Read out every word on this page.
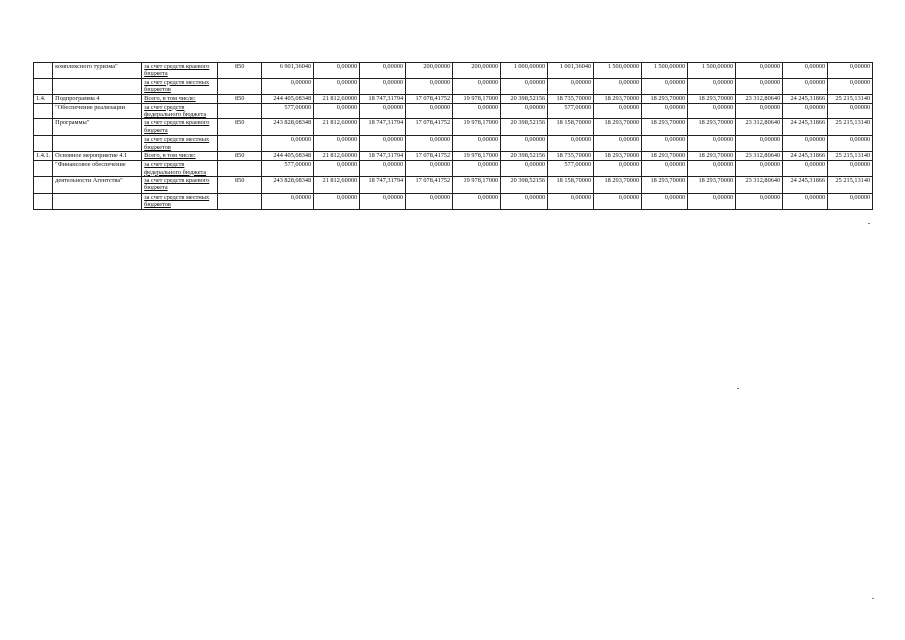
	комплексного туризма"	за счет средств краевого бюджета	850	6 901,36040	0,00000	0,00000	200,00000	200,00000	1 000,00000	1 001,36040	1 500,00000	1 500,00000	1 500,00000	0,00000	0,00000	0,00000
		за счет средств местных бюджетов		0,00000	0,00000	0,00000	0,00000	0,00000	0,00000	0,00000	0,00000	0,00000	0,00000	0,00000	0,00000	0,00000
1.4.	Подпрограмма 4	Всего, в том числе:	850	244 405,08348	21 812,60000	18 747,31794	17 078,41752	19 978,17000	20 398,52156	18 735,70000	18 293,70000	18 293,70000	18 293,70000	23 312,80640	24 245,31866	25 215,13140
	"Обеспечение реализации	за счет средств федерального бюджета		577,00000	0,00000	0,00000	0,00000	0,00000	0,00000	577,00000	0,00000	0,00000	0,00000	0,00000	0,00000	0,00000
	Программы"	за счет средств краевого бюджета	850	243 828,08348	21 812,60000	18 747,31794	17 078,41752	19 978,17000	20 398,52156	18 158,70000	18 293,70000	18 293,70000	18 293,70000	23 312,80640	24 245,31866	25 215,13140
		за счет средств местных бюджетов		0,00000	0,00000	0,00000	0,00000	0,00000	0,00000	0,00000	0,00000	0,00000	0,00000	0,00000	0,00000	0,00000
1.4.1.	Основное мероприятие 4.1	Всего, в том числе:	850	244 405,08348	21 812,60000	18 747,31794	17 078,41752	19 978,17000	20 398,52156	18 735,70000	18 293,70000	18 293,70000	18 293,70000	23 312,80640	24 245,31866	25 215,13140
	"Финансовое обеспечение	за счет средств федерального бюджета		577,00000	0,00000	0,00000	0,00000	0,00000	0,00000	577,00000	0,00000	0,00000	0,00000	0,00000	0,00000	0,00000
	деятельности Агентства"	за счет средств краевого бюджета	850	243 828,08348	21 812,60000	18 747,31794	17 078,41752	19 978,17000	20 398,52156	18 158,70000	18 293,70000	18 293,70000	18 293,70000	23 312,80640	24 245,31866	25 215,13140
		за счет средств местных бюджетов		0,00000	0,00000	0,00000	0,00000	0,00000	0,00000	0,00000	0,00000	0,00000	0,00000	0,00000	0,00000	0,00000
